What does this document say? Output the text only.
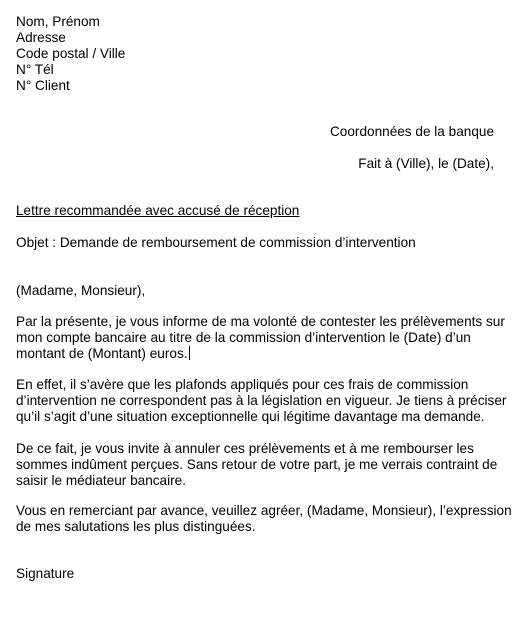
Nom, Prénom
Adresse
Code postal / Ville
N° Tél
N° Client
Coordonnées de la banque
Fait à (Ville), le (Date),
Lettre recommandée avec accusé de réception
Objet : Demande de remboursement de commission d’intervention
(Madame, Monsieur),
Par la présente, je vous informe de ma volonté de contester les prélèvements sur
mon compte bancaire au titre de la commission d’intervention le (Date) d’un
montant de (Montant) euros.
En effet, il s’avère que les plafonds appliqués pour ces frais de commission
d’intervention ne correspondent pas à la législation en vigueur. Je tiens à préciser
qu’il s’agit d’une situation exceptionnelle qui légitime davantage ma demande.
De ce fait, je vous invite à annuler ces prélèvements et à me rembourser les
sommes indûment perçues. Sans retour de votre part, je me verrais contraint de
saisir le médiateur bancaire.
Vous en remerciant par avance, veuillez agréer, (Madame, Monsieur), l’expression
de mes salutations les plus distinguées.
Signature
